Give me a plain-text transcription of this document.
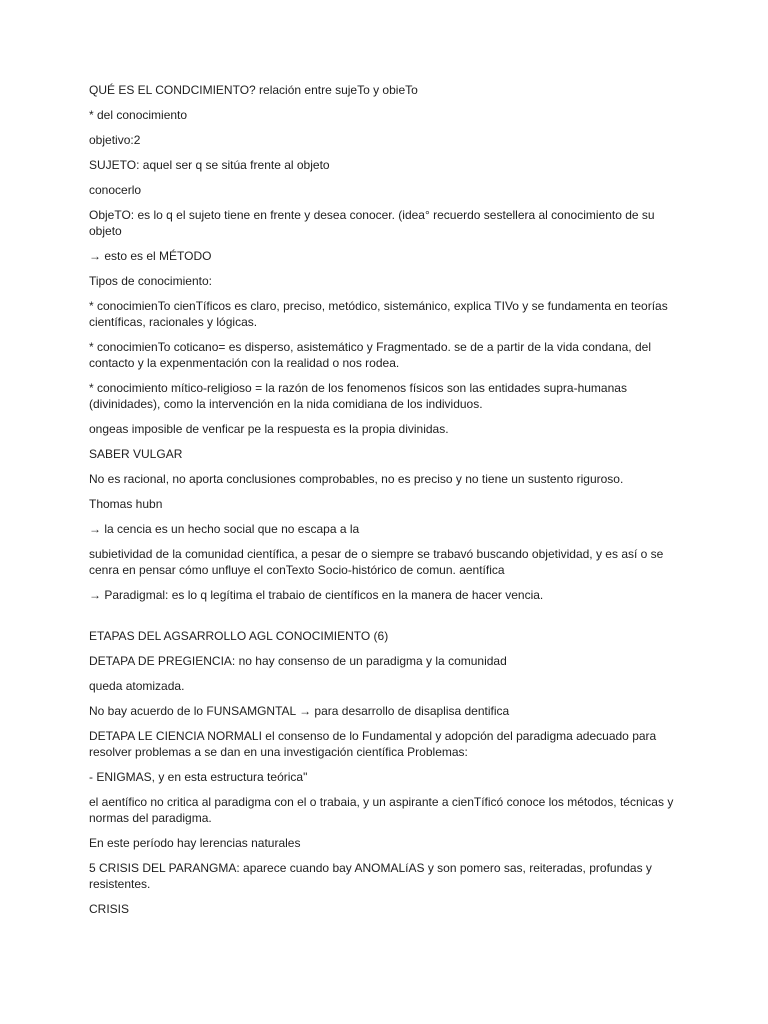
QUÉ ES EL CONDCIMIENTO? relación entre sujeTo y obieTo

* del conocimiento

objetivo:2

SUJETO: aquel ser q se sitúa frente al objeto

conocerlo

ObjeTO: es lo q el sujeto tiene en frente y desea conocer. (idea° recuerdo sestellera al conocimiento de su objeto

→ esto es el MÉTODO

Tipos de conocimiento:

* conocimienTo cienTíficos es claro, preciso, metódico, sistemánico, explica TIVo y se fundamenta en teorías científicas, racionales y lógicas.

* conocimienTo coticano= es disperso, asistemático y Fragmentado. se de a partir de la vida condana, del contacto y la expenmentación con la realidad o nos rodea.

* conocimiento mítico-religioso = la razón de los fenomenos físicos son las entidades supra-humanas (divinidades), como la intervención en la nida comidiana de los individuos.

ongeas imposible de venficar pe la respuesta es la propia divinidas.

SABER VULGAR

No es racional, no aporta conclusiones comprobables, no es preciso y no tiene un sustento riguroso.

Thomas hubn

→ la cencia es un hecho social que no escapa a la

subietividad de la comunidad científica, a pesar de o siempre se trabavó buscando objetividad, y es así o se cenra en pensar cómo unfluye el conTexto Socio-histórico de comun. aentífica

→ Paradigmal: es lo q legítima el trabaio de científicos en la manera de hacer vencia.

ETAPAS DEL AGSARROLLO AGL CONOCIMIENTO (6)

DETAPA DE PREGIENCIA: no hay consenso de un paradigma y la comunidad

queda atomizada.

No bay acuerdo de lo FUNSAMGNTAL → para desarrollo de disaplisa dentifica

DETAPA LE CIENCIA NORMALI el consenso de lo Fundamental y adopción del paradigma adecuado para resolver problemas a se dan en una investigación científica Problemas:

- ENIGMAS, y en esta estructura teórica"

el aentífico no critica al paradigma con el o trabaia, y un aspirante a cienTíficó conoce los métodos, técnicas y normas del paradigma.

En este período hay lerencias naturales

5 CRISIS DEL PARANGMA: aparece cuando bay ANOMALíAS y son pomero sas, reiteradas, profundas y resistentes.

CRISIS
